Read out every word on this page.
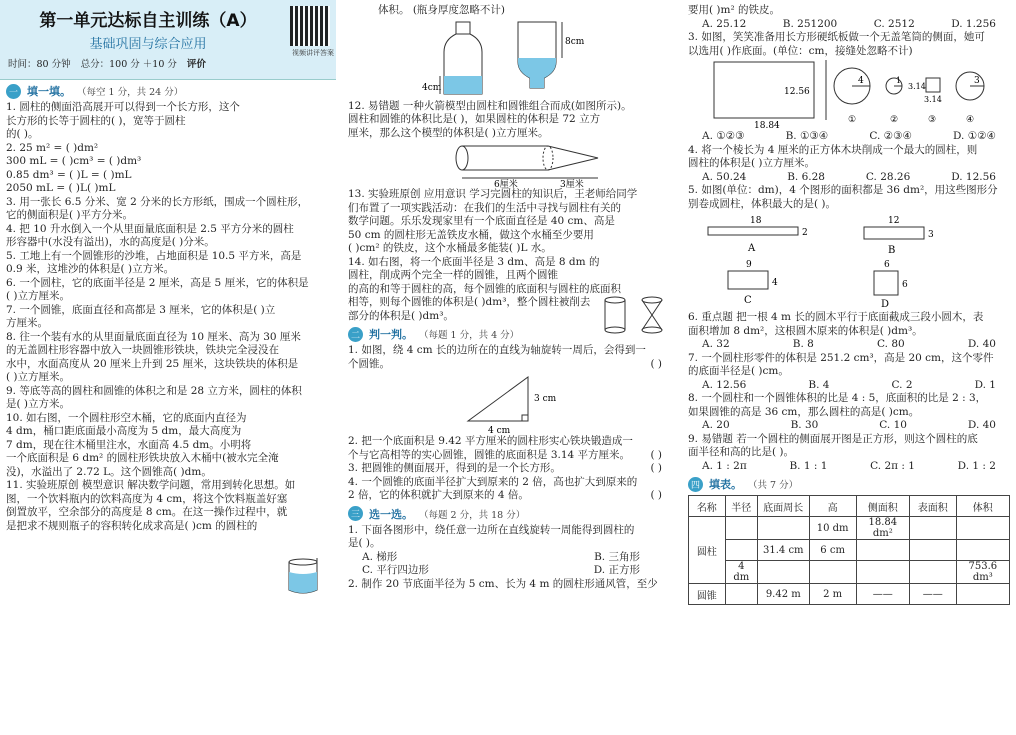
第一单元达标自主训练（A）
基础巩固与综合应用
时间：80 分钟 总分：100 分 ＋10 分 评价
视频讲评答案
一 填一填。 （每空 1 分，共 24 分）
1. 圆柱的侧面沿高展开可以得到一个长方形，这个
长方形的长等于圆柱的( )，宽等于圆柱
的( )。
2. 25 m² = ( )dm²
300 mL = ( )cm³ = ( )dm³
0.85 dm³ = ( )L = ( )mL
2050 mL = ( )L( )mL
3. 用一张长 6.5 分米、宽 2 分米的长方形纸，围成一个圆柱形，
它的侧面积是( )平方分米。
4. 把 10 升水倒入一个从里面量底面积是 2.5 平方分米的圆柱
形容器中(水没有溢出)，水的高度是( )分米。
5. 工地上有一个圆锥形的沙堆，占地面积是 10.5 平方米，高是
0.9 米，这堆沙的体积是( )立方米。
6. 一个圆柱，它的底面半径是 2 厘米，高是 5 厘米，它的体积是
( )立方厘米。
7. 一个圆锥，底面直径和高都是 3 厘米，它的体积是( )立
方厘米。
8. 往一个装有水的从里面量底面直径为 10 厘米、高为 30 厘米
的无盖圆柱形容器中放入一块圆锥形铁块，铁块完全浸没在
水中，水面高度从 20 厘米上升到 25 厘米，这块铁块的体积是
( )立方厘米。
9. 等底等高的圆柱和圆锥的体积之和是 28 立方米，圆柱的体积
是( )立方米。
10. 如右图，一个圆柱形空木桶，它的底面内直径为
4 dm，桶口距底面最小高度为 5 dm，最大高度为
7 dm，现在往木桶里注水，水面高 4.5 dm。小明将
一个底面积是 6 dm² 的圆柱形铁块放入木桶中(被水完全淹
没)，水溢出了 2.72 L。这个圆锥高( )dm。
11. 实验班原创 模型意识 解决数学问题，常用到转化思想。如
图，一个饮料瓶内的饮料高度为 4 cm，将这个饮料瓶盖好塞
倒置放平，空余部分的高度是 8 cm。在这一操作过程中，就
是把求不规则瓶子的容积转化成求高是( )cm 的圆柱的
体积。 (瓶身厚度忽略不计)
4cm
8cm
12. 易错题 一种火箭模型由圆柱和圆锥组合而成(如图所示)。
圆柱和圆锥的体积比是( )，如果圆柱的体积是 72 立方
厘米，那么这个模型的体积是( )立方厘米。
6厘米	3厘米
13. 实验班原创 应用意识 学习完圆柱的知识后，王老师给同学
们布置了一项实践活动：在我们的生活中寻找与圆柱有关的
数学问题。乐乐发现家里有一个底面直径是 40 cm、高是
50 cm 的圆柱形无盖铁皮水桶，做这个水桶至少要用
( )cm² 的铁皮，这个水桶最多能装( )L 水。
14. 如右图，将一个底面半径是 3 dm、高是 8 dm 的
圆柱，削成两个完全一样的圆锥，且两个圆锥
的高的和等于圆柱的高，每个圆锥的底面积与圆柱的底面积
相等，则每个圆锥的体积是( )dm³，整个圆柱被削去
部分的体积是( )dm³。
二 判一判。 （每题 1 分，共 4 分）
1. 如图，绕 4 cm 长的边所在的直线为轴旋转一周后，会得到一
个圆锥。	( )
3 cm
4 cm
2. 把一个底面积是 9.42 平方厘米的圆柱形实心铁块锻造成一
个与它高相等的实心圆锥，圆锥的底面积是 3.14 平方厘米。 ( )
3. 把圆锥的侧面展开，得到的是一个长方形。	( )
4. 一个圆锥的底面半径扩大到原来的 2 倍，高也扩大到原来的
2 倍，它的体积就扩大到原来的 4 倍。	( )
三 选一选。 （每题 2 分，共 18 分）
1. 下面各图形中，绕任意一边所在直线旋转一周能得到圆柱的
是( )。
A. 梯形	B. 三角形
C. 平行四边形	D. 正方形
2. 制作 20 节底面半径为 5 cm、长为 4 m 的圆柱形通风管，至少
要用( )m² 的铁皮。
A. 25.12	B. 251200	C. 2512	D. 1.256
3. 如图，笑笑准备用长方形硬纸板做一个无盖笔筒的侧面，她可
以选用( )作底面。(单位：cm，接缝处忽略不计)
12.56
18.84
4
①
1
②
3.14
3.14
③
3
④
A. ①②③	B. ①③④	C. ②③④	D. ①②④
4. 将一个棱长为 4 厘米的正方体木块削成一个最大的圆柱，则
圆柱的体积是( )立方厘米。
A. 50.24	B. 6.28	C. 28.26	D. 12.56
5. 如图(单位：dm)，4 个图形的面积都是 36 dm²，用这些图形分
别卷成圆柱，体积最大的是( )。
18
2
A
12
3
B
9
4
C
6
6
D
6. 重点题 把一根 4 m 长的圆木平行于底面截成三段小圆木，表
面积增加 8 dm²，这根圆木原来的体积是( )dm³。
A. 32	B. 8	C. 80	D. 40
7. 一个圆柱形零件的体积是 251.2 cm³，高是 20 cm，这个零件
的底面半径是( )cm。
A. 12.56	B. 4	C. 2	D. 1
8. 一个圆柱和一个圆锥体积的比是 4 : 5，底面积的比是 2 : 3，
如果圆锥的高是 36 cm，那么圆柱的高是( )cm。
A. 20	B. 30	C. 10	D. 40
9. 易错题 若一个圆柱的侧面展开图是正方形，则这个圆柱的底
面半径和高的比是( )。
A. 1 : 2π	B. 1 : 1	C. 2π : 1	D. 1 : 2
四 填表。 （共 7 分）
名称	半径	底面周长	高	侧面积	表面积	体积
圆柱			10 dm	18.84 dm²		
		31.4 cm	6 cm			
	4 dm					753.6 dm³
圆锥		9.42 m	2 m	——	——	
